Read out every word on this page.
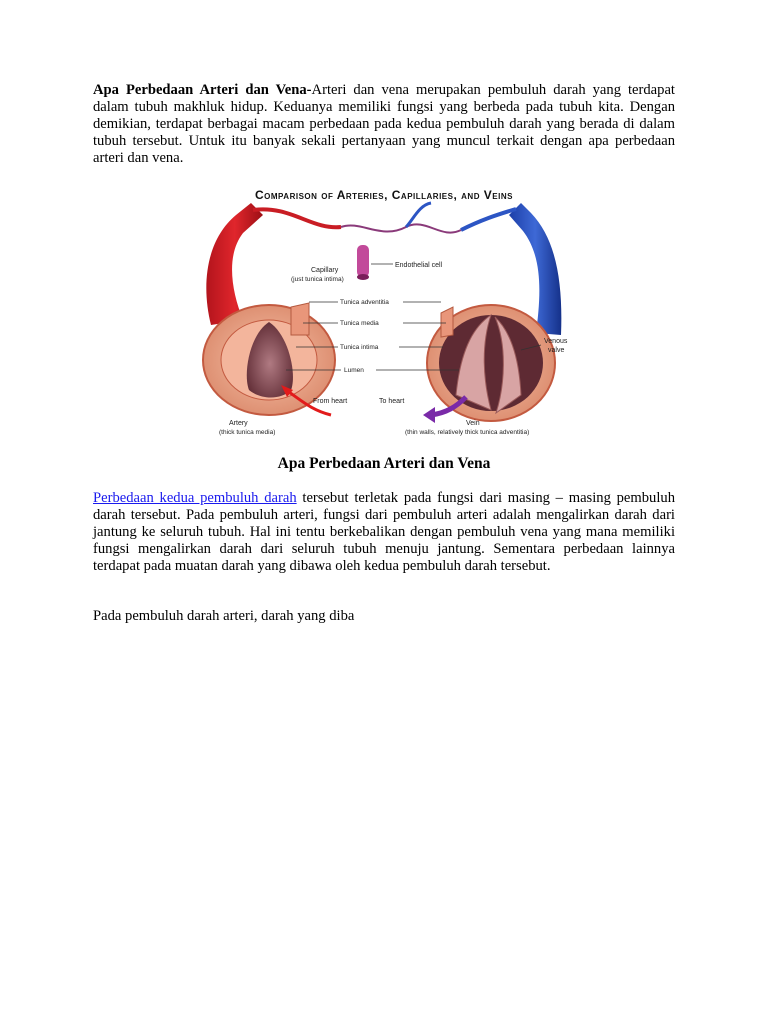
Apa Perbedaan Arteri dan Vena-Arteri dan vena merupakan pembuluh darah yang terdapat dalam tubuh makhluk hidup. Keduanya memiliki fungsi yang berbeda pada tubuh kita. Dengan demikian, terdapat berbagai macam perbedaan pada kedua pembuluh darah yang berada di dalam tubuh tersebut. Untuk itu banyak sekali pertanyaan yang muncul terkait dengan apa perbedaan arteri dan vena.

Comparison of Arteries, Capillaries, and Veins
Capillary
(just tunica intima)
Endothelial cell
Tunica adventitia
Tunica media
Tunica intima
Lumen
Venous
valve
From heart	To heart
Artery
(thick tunica media)
Vein
(thin walls, relatively thick tunica adventitia)

Apa Perbedaan Arteri dan Vena

Perbedaan kedua pembuluh darah tersebut terletak pada fungsi dari masing – masing pembuluh darah tersebut. Pada pembuluh arteri, fungsi dari pembuluh arteri adalah mengalirkan darah dari jantung ke seluruh tubuh. Hal ini tentu berkebalikan dengan pembuluh vena yang mana memiliki fungsi mengalirkan darah dari seluruh tubuh menuju jantung. Sementara perbedaan lainnya terdapat pada muatan darah yang dibawa oleh kedua pembuluh darah tersebut.

Pada pembuluh darah arteri, darah yang diba
